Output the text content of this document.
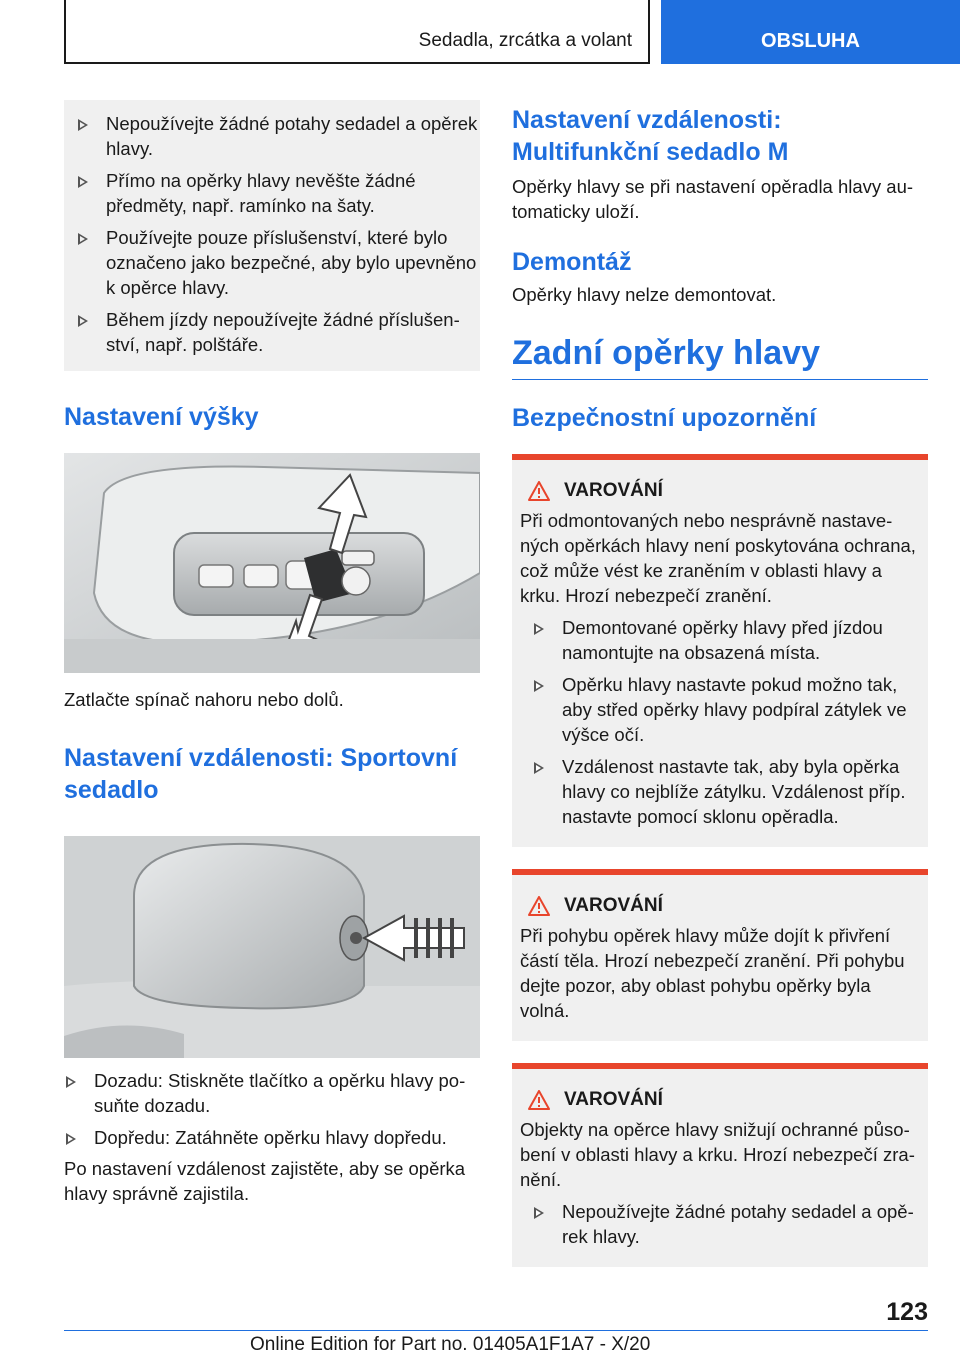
Sedadla, zrcátka a volant	OBSLUHA
Nepoužívejte žádné potahy sedadel a opěrek hlavy.
Přímo na opěrky hlavy nevěšte žádné předměty, např. ramínko na šaty.
Používejte pouze příslušenství, které bylo označeno jako bezpečné, aby bylo upevněno k opěrce hlavy.
Během jízdy nepoužívejte žádné příslušenství, např. polštáře.
Nastavení výšky
Zatlačte spínač nahoru nebo dolů.
Nastavení vzdálenosti: Sportovní sedadlo
Dozadu: Stiskněte tlačítko a opěrku hlavy posuňte dozadu.
Dopředu: Zatáhněte opěrku hlavy dopředu.
Po nastavení vzdálenost zajistěte, aby se opěrka hlavy správně zajistila.
Nastavení vzdálenosti: Multifunkční sedadlo M
Opěrky hlavy se při nastavení opěradla hlavy automaticky uloží.
Demontáž
Opěrky hlavy nelze demontovat.
Zadní opěrky hlavy
Bezpečnostní upozornění
VAROVÁNÍ
Při odmontovaných nebo nesprávně nastavených opěrkách hlavy není poskytována ochrana, což může vést ke zraněním v oblasti hlavy a krku. Hrozí nebezpečí zranění.
Demontované opěrky hlavy před jízdou namontujte na obsazená místa.
Opěrku hlavy nastavte pokud možno tak, aby střed opěrky hlavy podpíral zátylek ve výšce očí.
Vzdálenost nastavte tak, aby byla opěrka hlavy co nejblíže zátylku. Vzdálenost příp. nastavte pomocí sklonu opěradla.
VAROVÁNÍ
Při pohybu opěrek hlavy může dojít k přivření částí těla. Hrozí nebezpečí zranění. Při pohybu dejte pozor, aby oblast pohybu opěrky byla volná.
VAROVÁNÍ
Objekty na opěrce hlavy snižují ochranné působení v oblasti hlavy a krku. Hrozí nebezpečí zranění.
Nepoužívejte žádné potahy sedadel a opěrek hlavy.
123
Online Edition for Part no. 01405A1F1A7 - X/20
